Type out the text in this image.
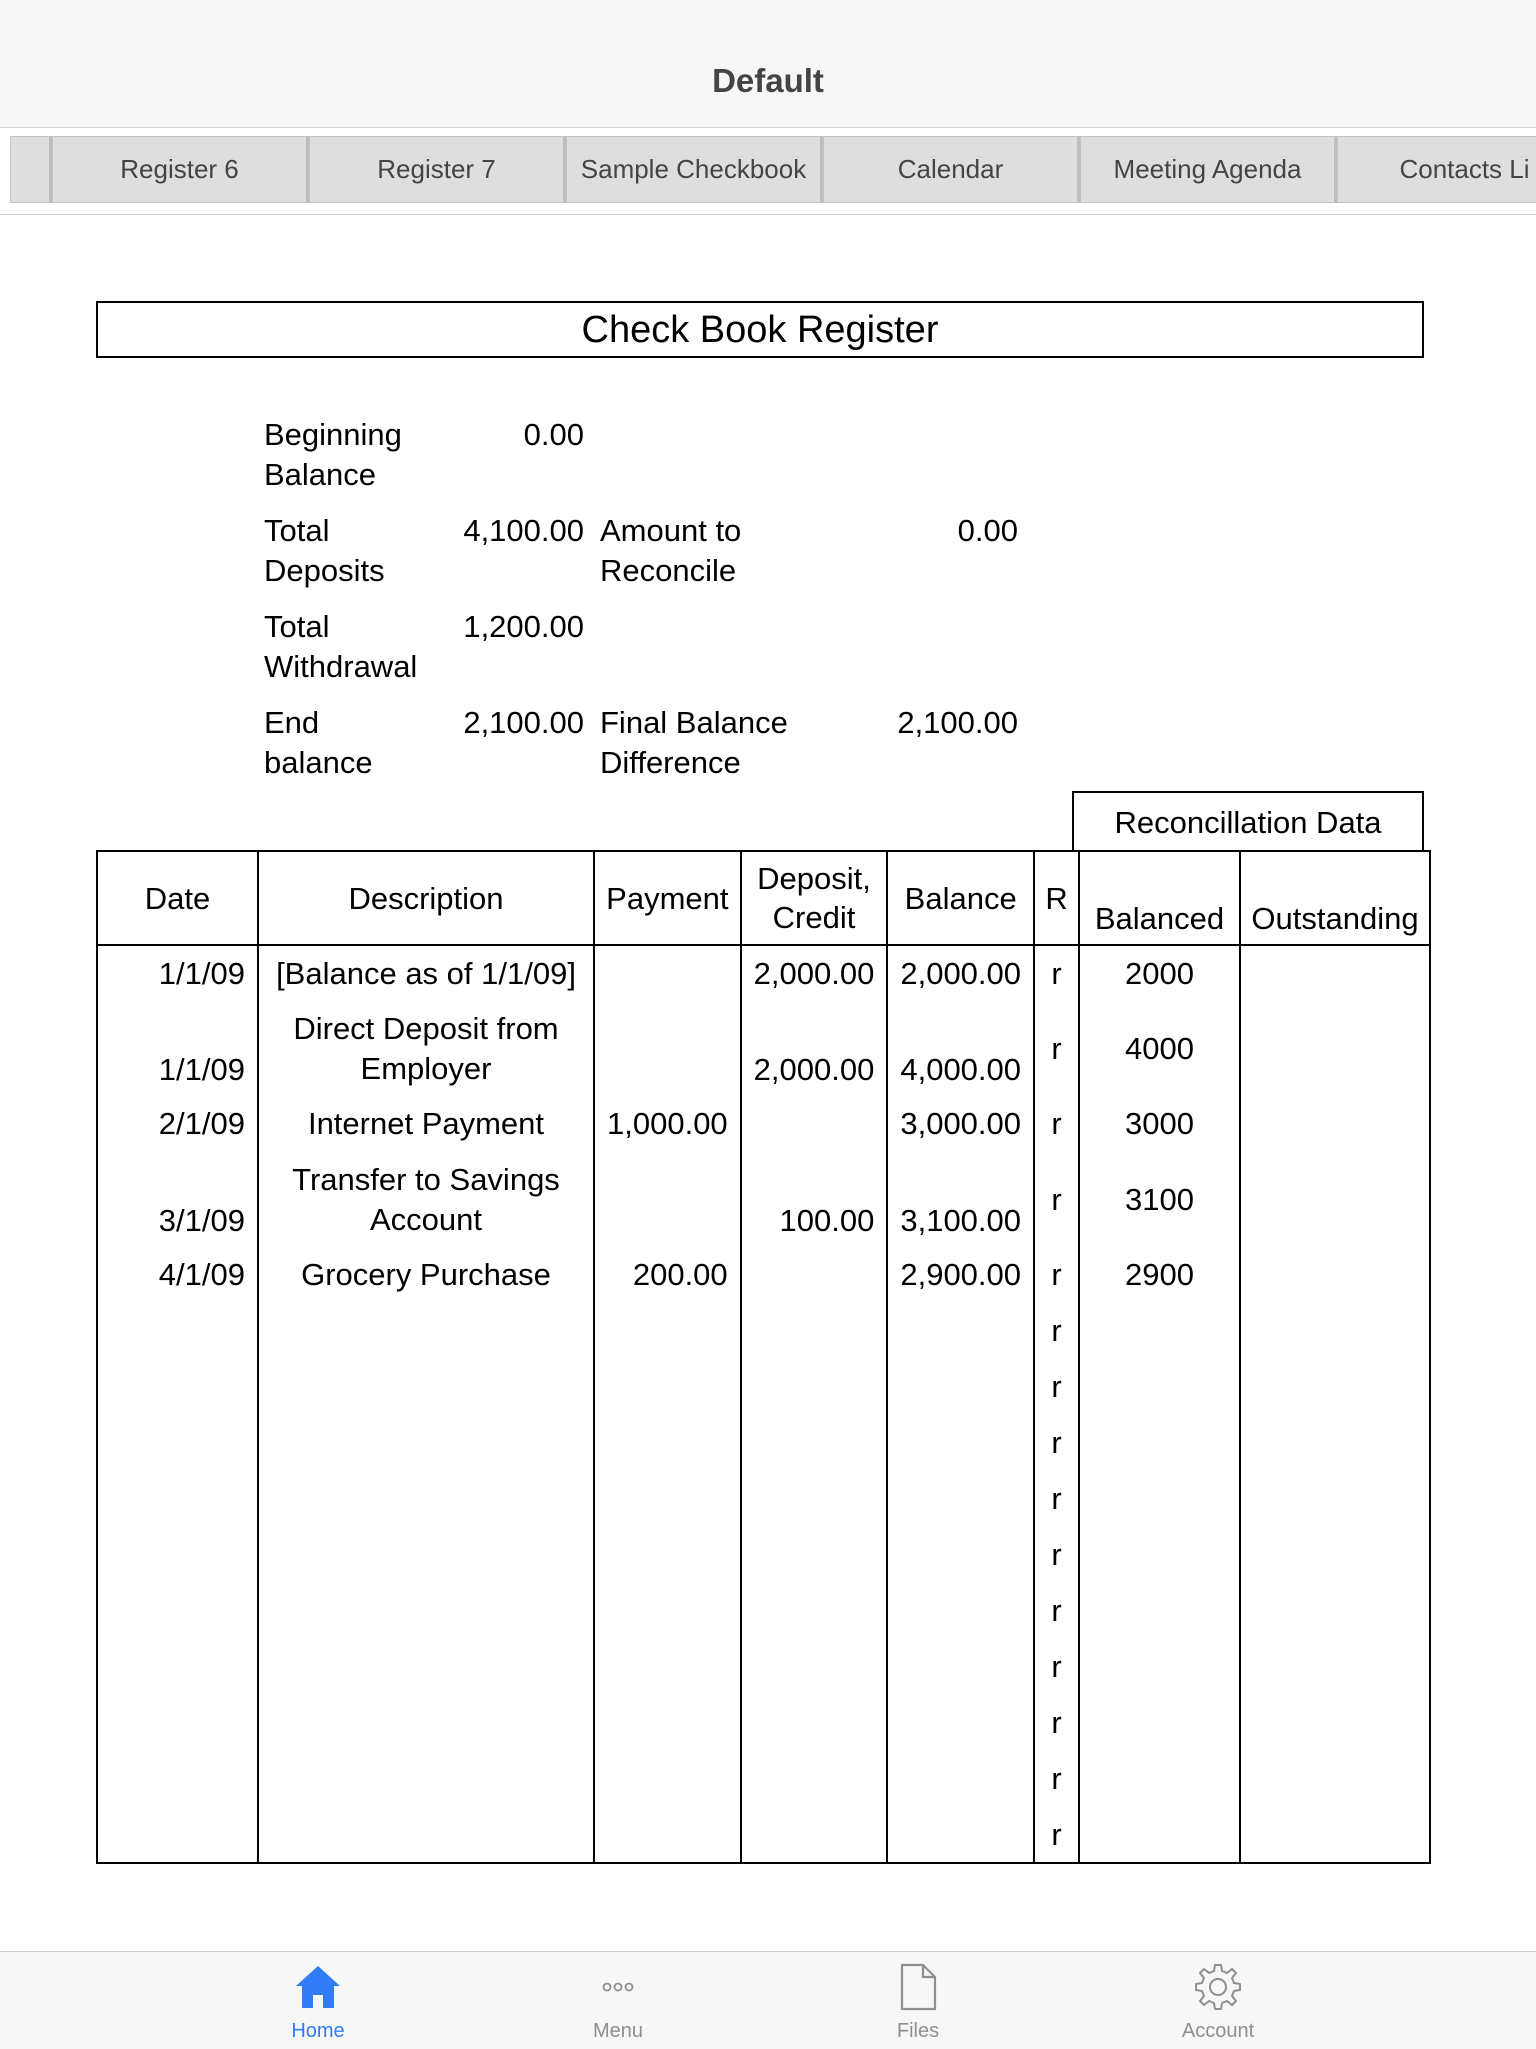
Default
Register 6	Register 7	Sample Checkbook	Calendar	Meeting Agenda	Contacts Li
Check Book Register
Beginning Balance
0.00
Total Deposits
4,100.00 Amount to Reconcile
0.00
Total Withdrawal
1,200.00
End balance
2,100.00 Final Balance Difference
2,100.00
Reconcillation Data
Date	Description	Payment	Deposit, Credit	Balance	R	Balanced	Outstanding
1/1/09	[Balance as of 1/1/09]		2,000.00	2,000.00	r	2000	
1/1/09	Direct Deposit from Employer		2,000.00	4,000.00	r	4000	
2/1/09	Internet Payment	1,000.00		3,000.00	r	3000	
3/1/09	Transfer to Savings Account		100.00	3,100.00	r	3100	
4/1/09	Grocery Purchase	200.00		2,900.00	r	2900	
					r		
					r		
					r		
					r		
					r		
					r		
					r		
					r		
					r		
					r		
Home	Menu	Files	Account
